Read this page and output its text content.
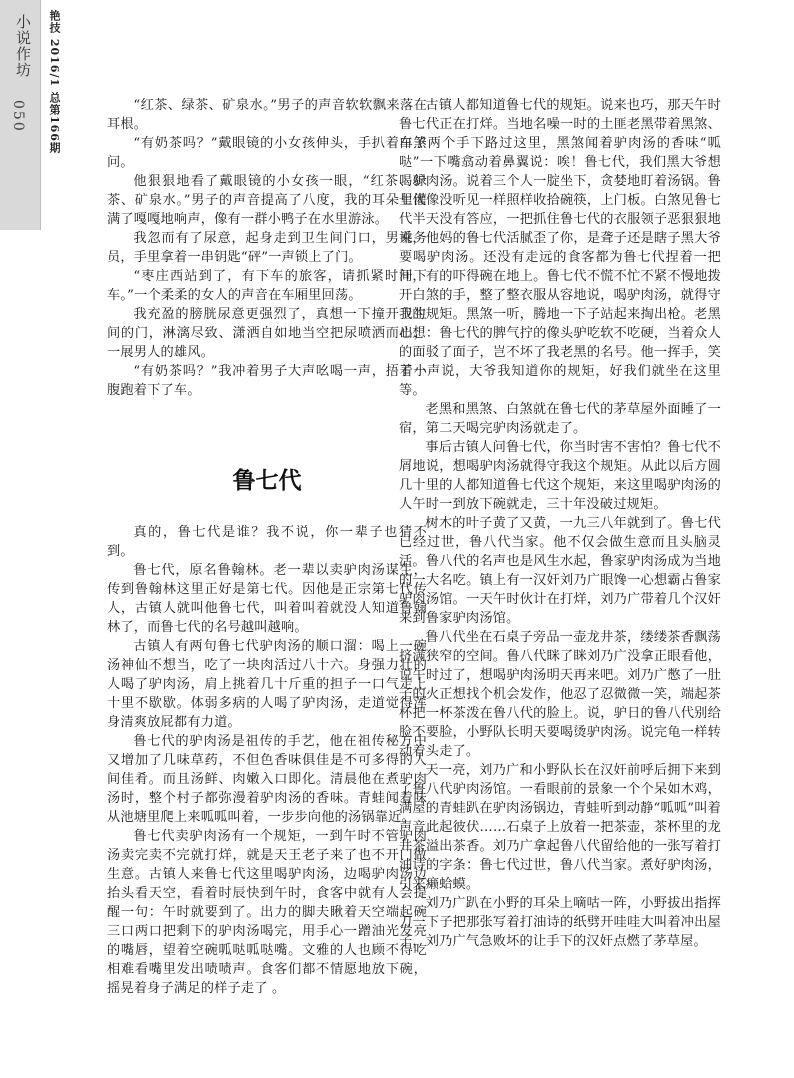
小说作坊
050 艳技 2016/1 总第166期	“红茶、绿茶、矿泉水。”男子的声音软软飘来落在耳根。

“有奶茶吗？”戴眼镜的小女孩伸头，手扒着车子问。

他狠狠地看了戴眼镜的小女孩一眼，“红茶、绿茶、矿泉水。”男子的声音提高了八度，我的耳朵里灌满了嘎嘎地响声，像有一群小鸭子在水里游泳。

我忽而有了尿意，起身走到卫生间门口，男乘务员，手里拿着一串钥匙“砰”一声锁上了门。

“枣庄西站到了，有下车的旅客，请抓紧时间下车。”一个柔柔的女人的声音在车厢里回荡。

我充盈的膀胱尿意更强烈了，真想一下撞开卫生间的门，淋漓尽致、潇洒自如地当空把尿喷洒而出，一展男人的雄风。

“有奶茶吗？”我冲着男子大声吆喝一声，捂着小腹跑着下了车。

鲁七代

真的，鲁七代是谁？我不说，你一辈子也猜不到。

鲁七代，原名鲁翰林。老一辈以卖驴肉汤谋生，传到鲁翰林这里正好是第七代。因他是正宗第七代传人，古镇人就叫他鲁七代，叫着叫着就没人知道鲁翰林了，而鲁七代的名号越叫越响。

古镇人有两句鲁七代驴肉汤的顺口溜：喝上一碗汤神仙不想当，吃了一块肉活过八十六。身强力壮的人喝了驴肉汤，肩上挑着几十斤重的担子一口气走上十里不歇歇。体弱多病的人喝了驴肉汤，走道觉得浑身清爽放屁都有力道。

鲁七代的驴肉汤是祖传的手艺，他在祖传秘方中又增加了几味草药，不但色香味俱佳是不可多得的人间佳肴。而且汤鲜、肉嫩入口即化。清晨他在煮驴肉汤时，整个村子都弥漫着驴肉汤的香味。青蛙闻着味从池塘里爬上来呱呱叫着，一步步向他的汤锅靠近。

鲁七代卖驴肉汤有一个规矩，一到午时不管驴肉汤卖完卖不完就打烊，就是天王老子来了也不开门做生意。古镇人来鲁七代这里喝驴肉汤，边喝驴肉汤边抬头看天空，看着时辰快到午时，食客中就有人会提醒一句：午时就要到了。出力的脚夫瞅着天空端起碗三口两口把剩下的驴肉汤喝完，用手心一蹭油光发亮的嘴唇，望着空碗呱哒呱哒嘴。文雅的人也顾不得吃相难看嘴里发出啧啧声。食客们都不情愿地放下碗，摇晃着身子满足的样子走了 。

古镇人都知道鲁七代的规矩。说来也巧，那天午时鲁七代正在打烊。当地名噪一时的土匪老黑带着黑煞、白煞两个手下路过这里，黑煞闻着驴肉汤的香味“呱哒”一下嘴翕动着鼻翼说：唉！鲁七代，我们黑大爷想喝驴肉汤。说着三个人一腚坐下，贪婪地盯着汤锅。鲁七代像没听见一样照样收拾碗筷，上门板。白煞见鲁七代半天没有答应，一把抓住鲁七代的衣服领子恶狠狠地说，他妈的鲁七代活腻歪了你，是聋子还是瞎子黑大爷要喝驴肉汤。还没有走远的食客都为鲁七代捏着一把汗，有的吓得碗在地上。鲁七代不慌不忙不紧不慢地拨开白煞的手，整了整衣服从容地说，喝驴肉汤，就得守我的规矩。黑煞一听，腾地一下子站起来掏出枪。老黑心想：鲁七代的脾气拧的像头驴吃软不吃硬，当着众人的面驳了面子，岂不坏了我老黑的名号。他一挥手，笑了一声说，大爷我知道你的规矩，好我们就坐在这里等。

老黑和黑煞、白煞就在鲁七代的茅草屋外面睡了一宿，第二天喝完驴肉汤就走了。

事后古镇人问鲁七代，你当时害不害怕？鲁七代不屑地说，想喝驴肉汤就得守我这个规矩。从此以后方圆几十里的人都知道鲁七代这个规矩，来这里喝驴肉汤的人午时一到放下碗就走，三十年没破过规矩。

树木的叶子黄了又黄，一九三八年就到了。鲁七代已经过世，鲁八代当家。他不仅会做生意而且头脑灵活。鲁八代的名声也是风生水起，鲁家驴肉汤成为当地的一大名吃。镇上有一汉奸刘乃广眼馋一心想霸占鲁家驴肉汤馆。一天午时伙计在打烊，刘乃广带着几个汉奸来到鲁家驴肉汤馆。

鲁八代坐在石桌子旁品一壶龙井茶，缕缕茶香飘荡挤满狭窄的空间。鲁八代眯了眯刘乃广没拿正眼看他，说午时过了，想喝驴肉汤明天再来吧。刘乃广憋了一肚子的火正想找个机会发作，他忍了忍微微一笑，端起茶杯把一杯茶泼在鲁八代的脸上。说，驴日的鲁八代别给脸不要脸，小野队长明天要喝烫驴肉汤。说完龟一样转动着头走了。

天一亮，刘乃广和小野队长在汉奸前呼后拥下来到了鲁八代驴肉汤馆。一看眼前的景象一个个呆如木鸡，满屋的青蛙趴在驴肉汤锅边，青蛙听到动静“呱呱”叫着声音此起彼伏……石桌子上放着一把茶壶，茶杯里的龙井茶溢出茶香。刘乃广拿起鲁八代留给他的一张写着打油诗的字条：鲁七代过世，鲁八代当家。煮好驴肉汤，引来癞蛤蟆。

刘乃广趴在小野的耳朵上嘀咕一阵，小野拔出指挥刀一下子把那张写着打油诗的纸劈开哇哇大叫着冲出屋子，刘乃广气急败坏的让手下的汉奸点燃了茅草屋。
